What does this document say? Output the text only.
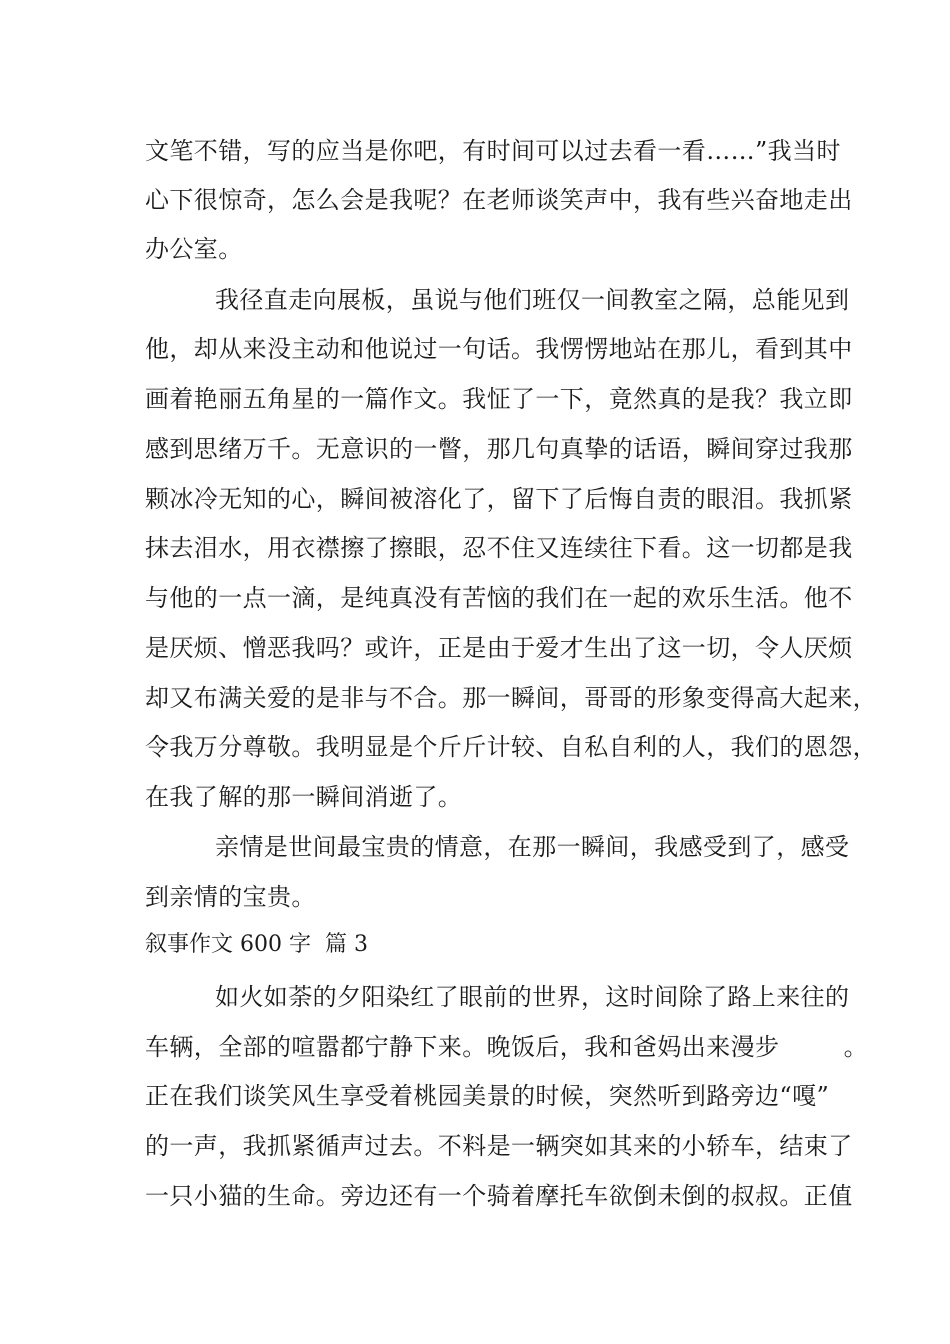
文笔不错，写的应当是你吧，有时间可以过去看一看……”我当时
心下很惊奇，怎么会是我呢？在老师谈笑声中，我有些兴奋地走出
办公室。
我径直走向展板，虽说与他们班仅一间教室之隔，总能见到
他，却从来没主动和他说过一句话。我愣愣地站在那儿，看到其中
画着艳丽五角星的一篇作文。我怔了一下，竟然真的是我？我立即
感到思绪万千。无意识的一瞥，那几句真挚的话语，瞬间穿过我那
颗冰冷无知的心，瞬间被溶化了，留下了后悔自责的眼泪。我抓紧
抹去泪水，用衣襟擦了擦眼，忍不住又连续往下看。这一切都是我
与他的一点一滴，是纯真没有苦恼的我们在一起的欢乐生活。他不
是厌烦、憎恶我吗？或许，正是由于爱才生出了这一切，令人厌烦
却又布满关爱的是非与不合。那一瞬间，哥哥的形象变得高大起来，
令我万分尊敬。我明显是个斤斤计较、自私自利的人，我们的恩怨，
在我了解的那一瞬间消逝了。
亲情是世间最宝贵的情意，在那一瞬间，我感受到了，感受
到亲情的宝贵。
叙事作文 600 字  篇 3
如火如荼的夕阳染红了眼前的世界，这时间除了路上来往的
车辆，全部的喧嚣都宁静下来。晚饭后，我和爸妈出来漫步        。
正在我们谈笑风生享受着桃园美景的时候，突然听到路旁边“嘎”
的一声，我抓紧循声过去。不料是一辆突如其来的小轿车，结束了
一只小猫的生命。旁边还有一个骑着摩托车欲倒未倒的叔叔。正值
